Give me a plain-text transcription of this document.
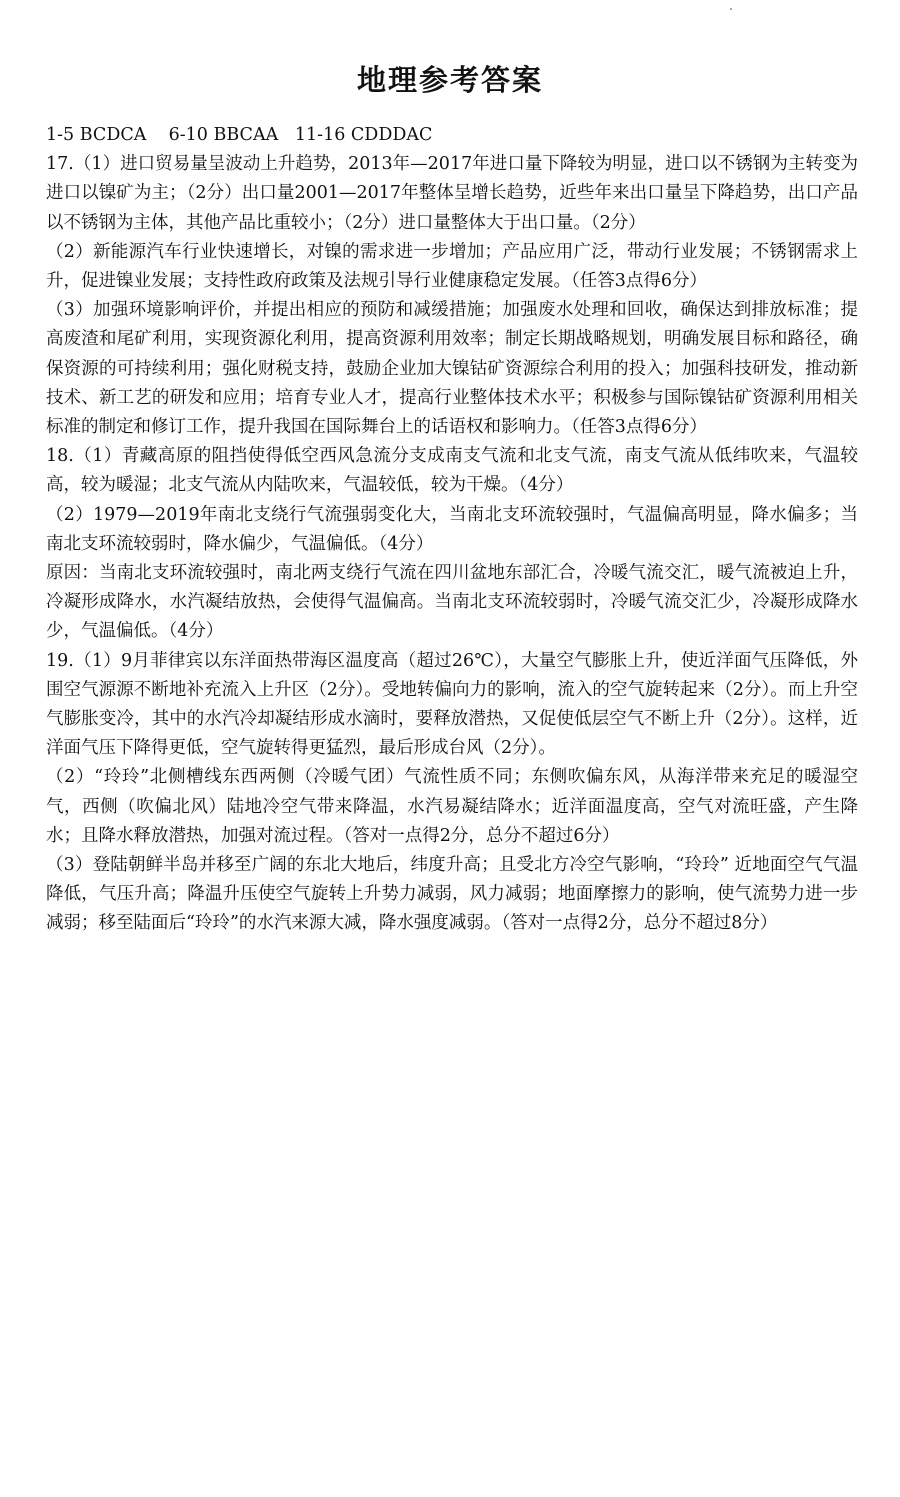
地理参考答案

1-5 BCDCA    6-10 BBCAA   11-16 CDDDAC

17.（1）进口贸易量呈波动上升趋势，2013年—2017年进口量下降较为明显，进口以不锈钢为主转变为进口以镍矿为主；（2分）出口量2001—2017年整体呈增长趋势，近些年来出口量呈下降趋势，出口产品以不锈钢为主体，其他产品比重较小；（2分）进口量整体大于出口量。（2分）

（2）新能源汽车行业快速增长，对镍的需求进一步增加；产品应用广泛，带动行业发展；不锈钢需求上升，促进镍业发展；支持性政府政策及法规引导行业健康稳定发展。（任答3点得6分）

（3）加强环境影响评价，并提出相应的预防和减缓措施；加强废水处理和回收，确保达到排放标准；提高废渣和尾矿利用，实现资源化利用，提高资源利用效率；制定长期战略规划，明确发展目标和路径，确保资源的可持续利用；强化财税支持，鼓励企业加大镍钴矿资源综合利用的投入；加强科技研发，推动新技术、新工艺的研发和应用；培育专业人才，提高行业整体技术水平；积极参与国际镍钴矿资源利用相关标准的制定和修订工作，提升我国在国际舞台上的话语权和影响力。（任答3点得6分）

18.（1）青藏高原的阻挡使得低空西风急流分支成南支气流和北支气流，南支气流从低纬吹来，气温较高，较为暖湿；北支气流从内陆吹来，气温较低，较为干燥。（4分）

（2）1979—2019年南北支绕行气流强弱变化大，当南北支环流较强时，气温偏高明显，降水偏多；当南北支环流较弱时，降水偏少，气温偏低。（4分）

原因：当南北支环流较强时，南北两支绕行气流在四川盆地东部汇合，冷暖气流交汇，暖气流被迫上升，冷凝形成降水，水汽凝结放热，会使得气温偏高。当南北支环流较弱时，冷暖气流交汇少，冷凝形成降水少，气温偏低。（4分）

19.（1）9月菲律宾以东洋面热带海区温度高（超过26℃），大量空气膨胀上升，使近洋面气压降低，外围空气源源不断地补充流入上升区（2分）。受地转偏向力的影响，流入的空气旋转起来（2分）。而上升空气膨胀变冷，其中的水汽冷却凝结形成水滴时，要释放潜热，又促使低层空气不断上升（2分）。这样，近洋面气压下降得更低，空气旋转得更猛烈，最后形成台风（2分）。

（2）“玲玲”北侧槽线东西两侧（冷暖气团）气流性质不同；东侧吹偏东风，从海洋带来充足的暖湿空气，西侧（吹偏北风）陆地冷空气带来降温，水汽易凝结降水；近洋面温度高，空气对流旺盛，产生降水；且降水释放潜热，加强对流过程。（答对一点得2分，总分不超过6分）

（3）登陆朝鲜半岛并移至广阔的东北大地后，纬度升高；且受北方冷空气影响，“玲玲” 近地面空气气温降低，气压升高；降温升压使空气旋转上升势力减弱，风力减弱；地面摩擦力的影响，使气流势力进一步减弱；移至陆面后“玲玲”的水汽来源大减，降水强度减弱。（答对一点得2分，总分不超过8分）
